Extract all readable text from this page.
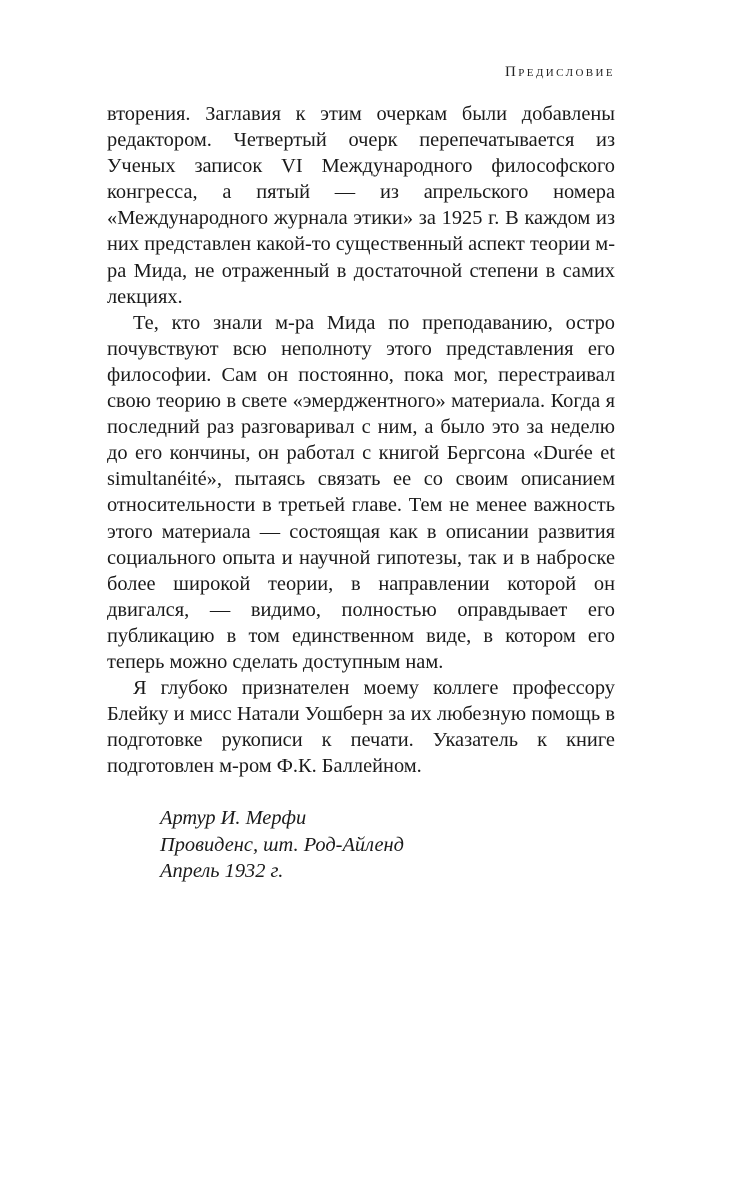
Предисловие

вторения. Заглавия к этим очеркам были добавлены редактором. Четвертый очерк перепечатывается из Ученых записок VI Международного философского конгресса, а пятый — из апрельского номера «Международного журнала этики» за 1925 г. В каждом из них представлен какой-то существенный аспект теории м-ра Мида, не отраженный в достаточной степени в самих лекциях.

Те, кто знали м-ра Мида по преподаванию, остро почувствуют всю неполноту этого представления его философии. Сам он постоянно, пока мог, перестраивал свою теорию в свете «эмерджентного» материала. Когда я последний раз разговаривал с ним, а было это за неделю до его кончины, он работал с книгой Бергсона «Durée et simultanéité», пытаясь связать ее со своим описанием относительности в третьей главе. Тем не менее важность этого материала — состоящая как в описании развития социального опыта и научной гипотезы, так и в наброске более широкой теории, в направлении которой он двигался, — видимо, полностью оправдывает его публикацию в том единственном виде, в котором его теперь можно сделать доступным нам.

Я глубоко признателен моему коллеге профессору Блейку и мисс Натали Уошберн за их любезную помощь в подготовке рукописи к печати. Указатель к книге подготовлен м-ром Ф.К. Баллейном.

Артур И. Мерфи
Провиденс, шт. Род-Айленд
Апрель 1932 г.
